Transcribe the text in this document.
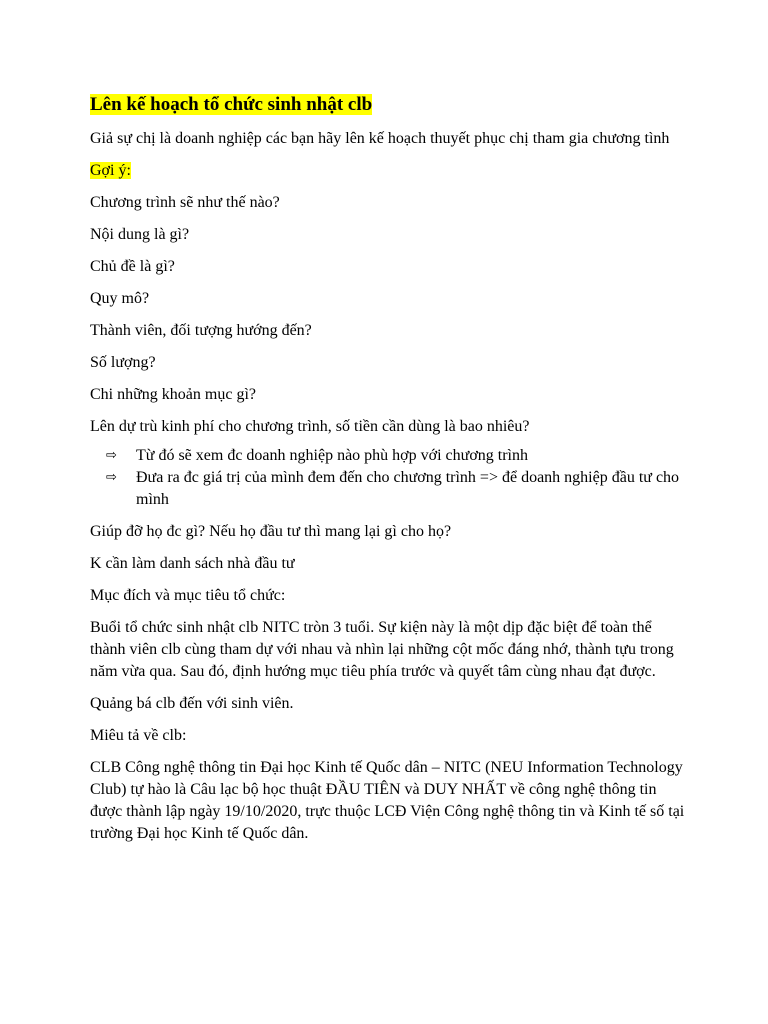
Lên kế hoạch tổ chức sinh nhật clb
Giả sự chị là doanh nghiệp các bạn hãy lên kế hoạch thuyết phục chị tham gia chương tình
Gợi ý:
Chương trình sẽ như thế nào?
Nội dung là gì?
Chủ đề là gì?
Quy mô?
Thành viên, đối tượng hướng đến?
Số lượng?
Chi những khoản mục gì?
Lên dự trù kinh phí cho chương trình, số tiền cần dùng là bao nhiêu?
⇨ Từ đó sẽ xem đc doanh nghiệp nào phù hợp với chương trình
⇨ Đưa ra đc giá trị của mình đem đến cho chương trình => để doanh nghiệp đầu tư cho mình
Giúp đỡ họ đc gì? Nếu họ đầu tư thì mang lại gì cho họ?
K cần làm danh sách nhà đầu tư
Mục đích và mục tiêu tổ chức:
Buổi tổ chức sinh nhật clb NITC tròn 3 tuổi. Sự kiện này là một dịp đặc biệt để toàn thể thành viên clb cùng tham dự với nhau và nhìn lại những cột mốc đáng nhớ, thành tựu trong năm vừa qua. Sau đó, định hướng mục tiêu phía trước và quyết tâm cùng nhau đạt được.
Quảng bá clb đến với sinh viên.
Miêu tả về clb:
CLB Công nghệ thông tin Đại học Kinh tế Quốc dân – NITC (NEU Information Technology Club) tự hào là Câu lạc bộ học thuật ĐẦU TIÊN và DUY NHẤT về công nghệ thông tin được thành lập ngày 19/10/2020, trực thuộc LCĐ Viện Công nghệ thông tin và Kinh tế số tại trường Đại học Kinh tế Quốc dân.
